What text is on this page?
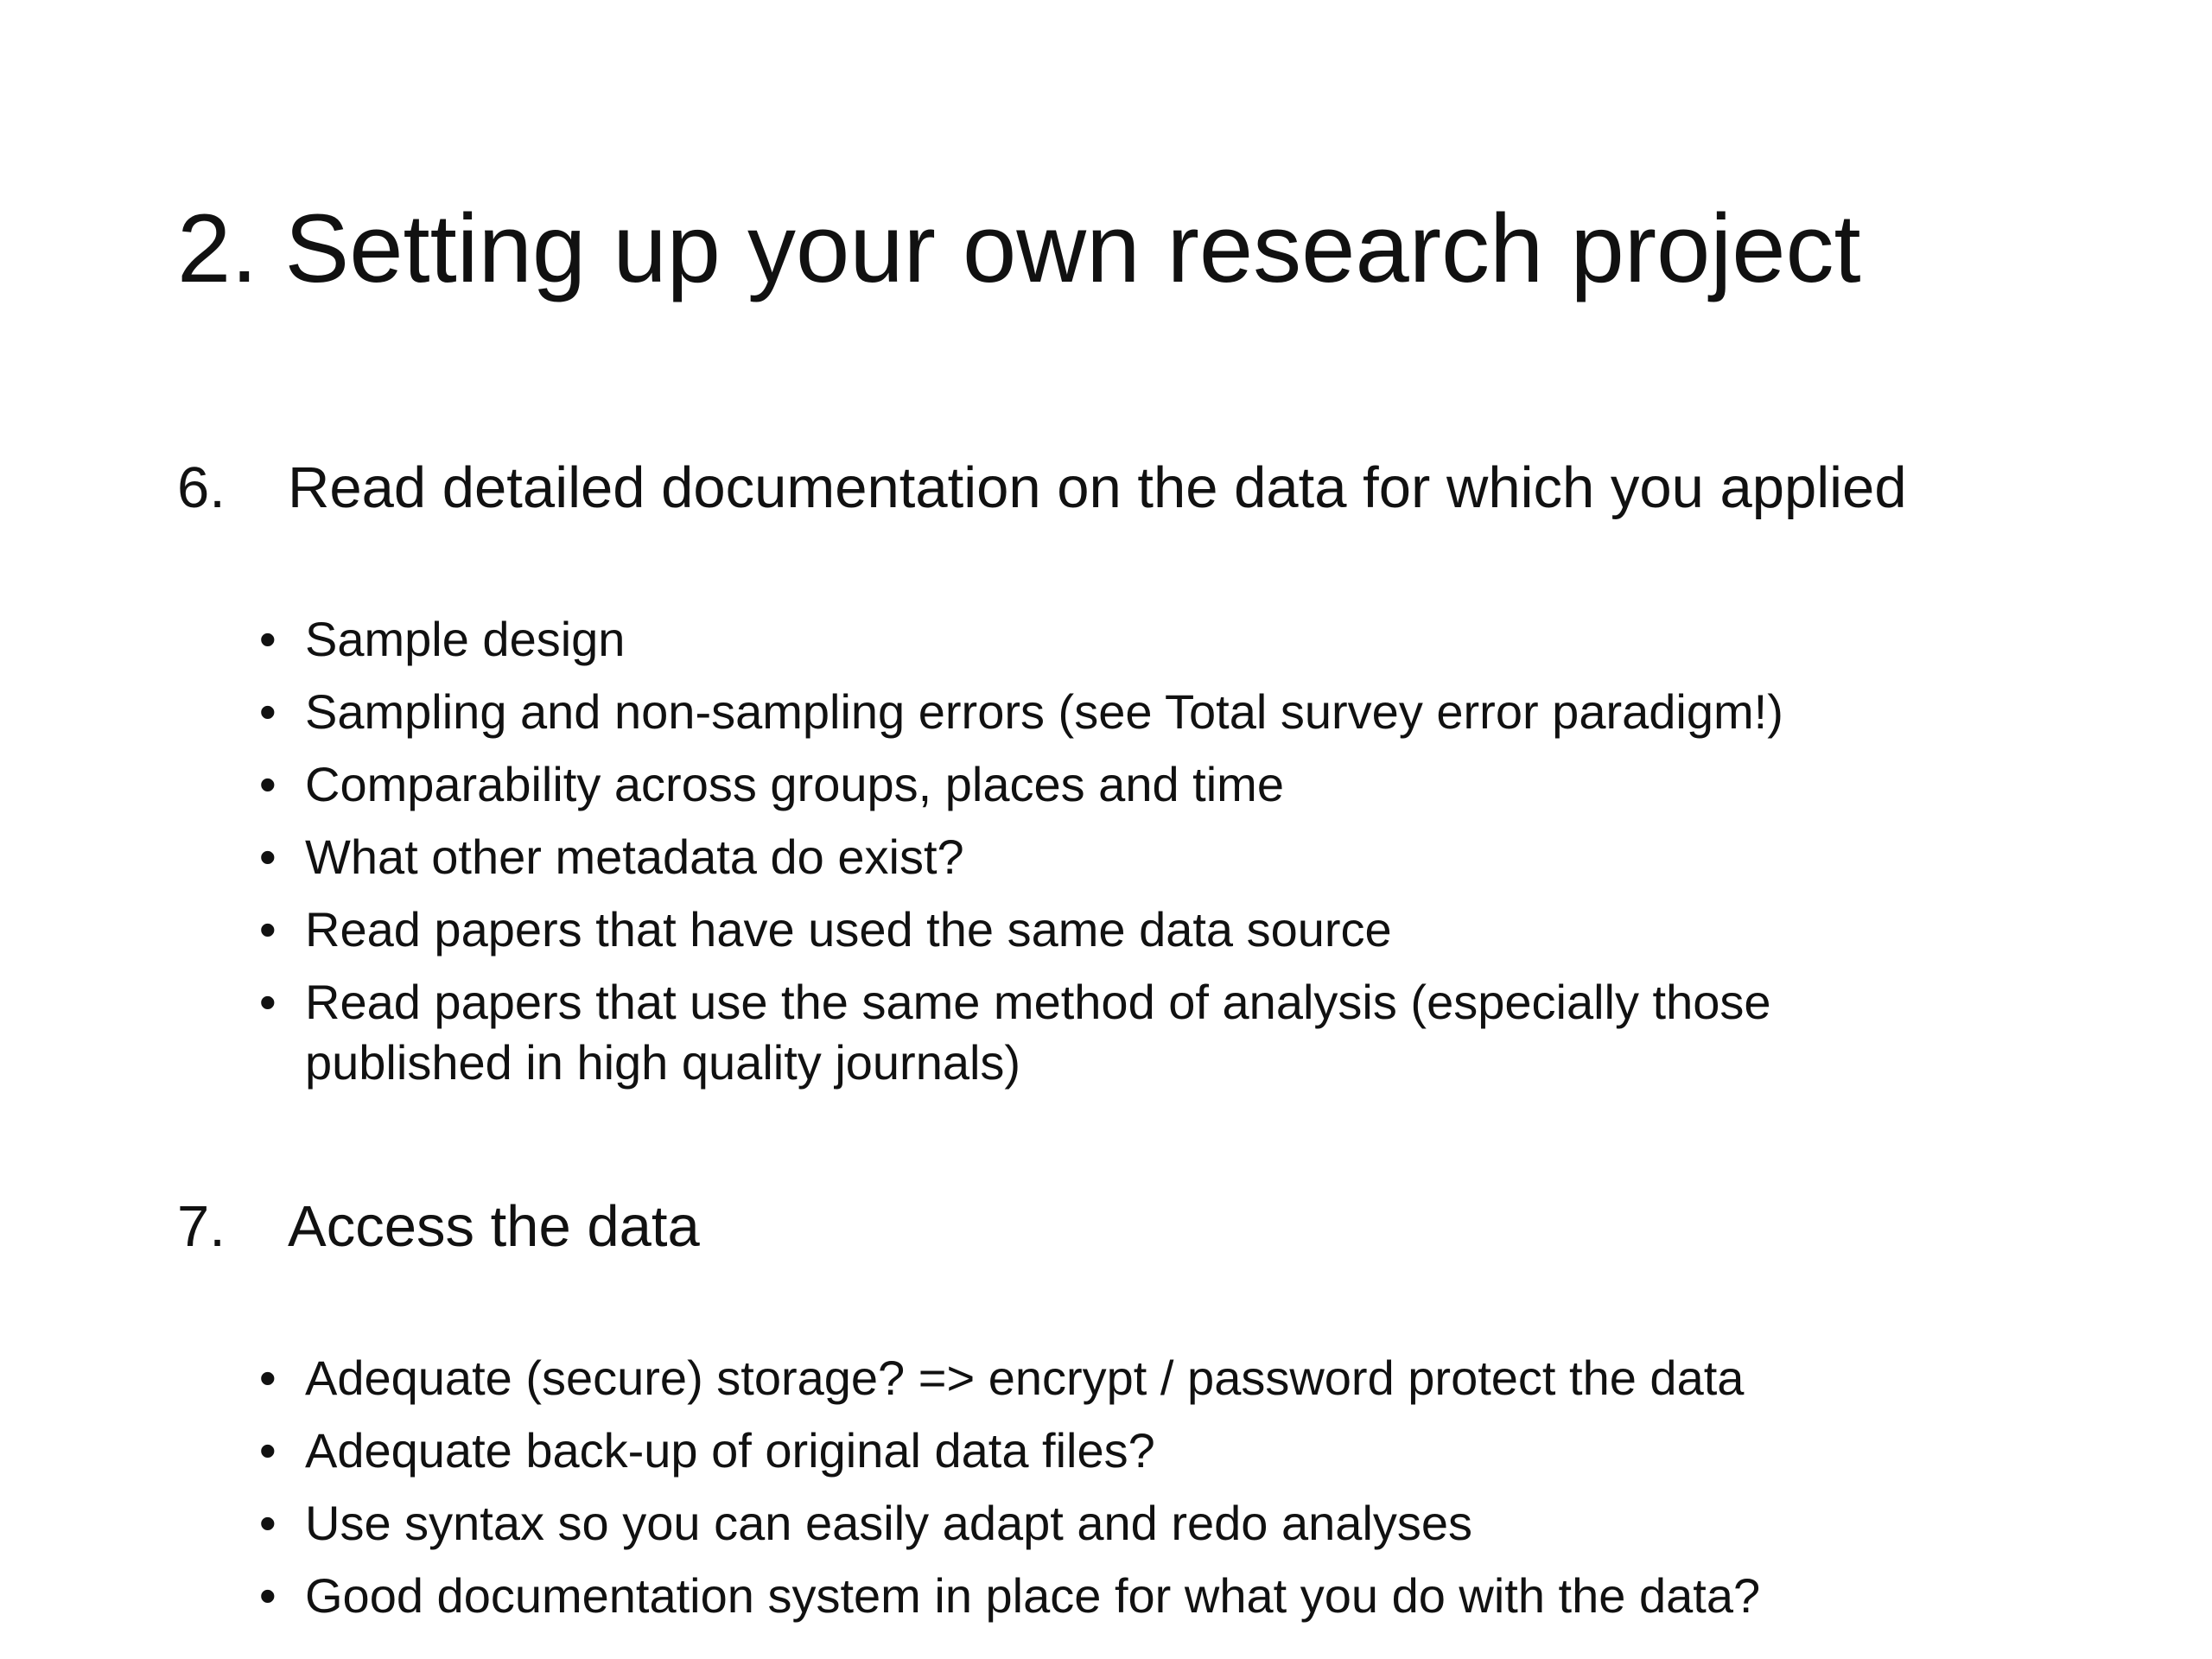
2. Setting up your own research project
6.	Read detailed documentation on the data for which you applied
• Sample design
• Sampling and non-sampling errors (see Total survey error paradigm!)
• Comparability across groups, places and time
• What other metadata do exist?
• Read papers that have used the same data source
• Read papers that use the same method of analysis (especially those published in high quality journals)
7.	Access the data
• Adequate (secure) storage? => encrypt / password protect the data
• Adequate back-up of original data files?
• Use syntax so you can easily adapt and redo analyses
• Good documentation system in place for what you do with the data?
